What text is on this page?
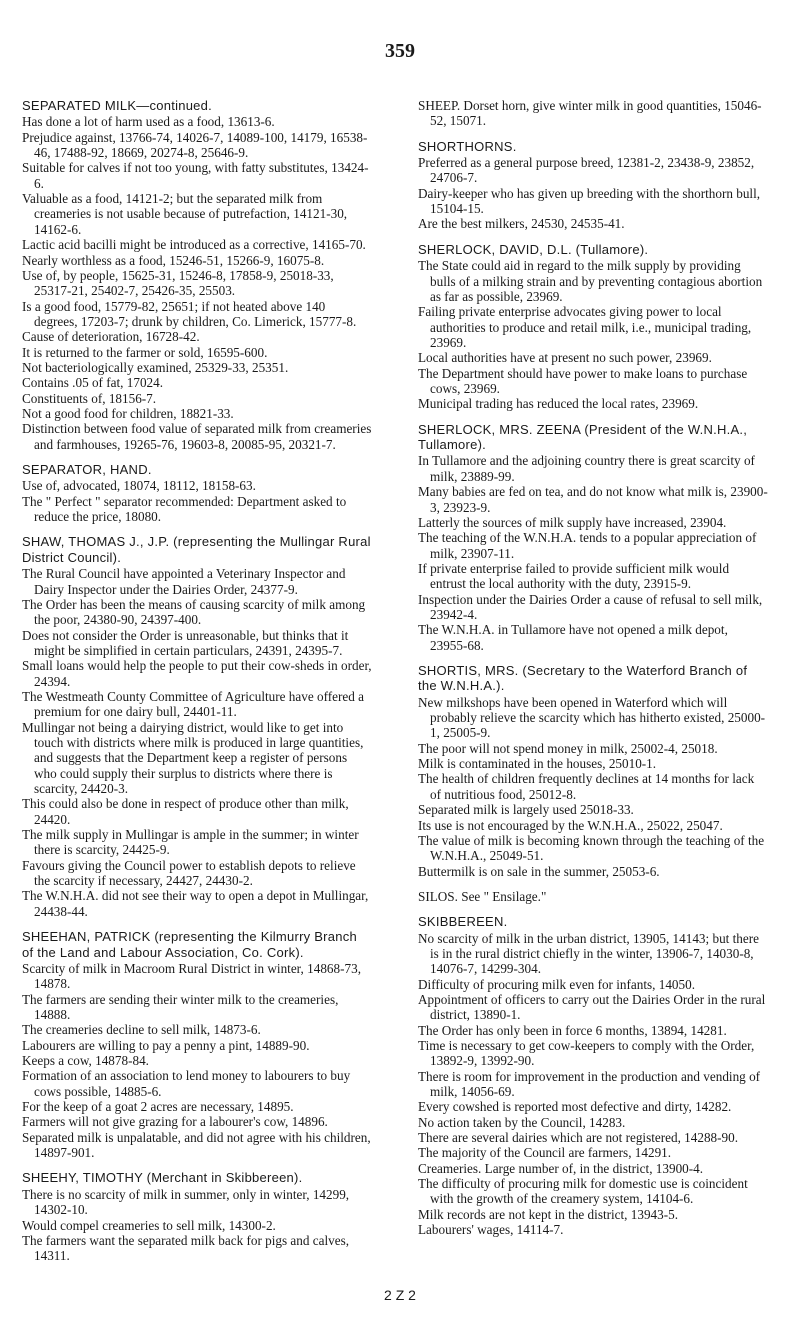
359
SEPARATED MILK—continued.

Has done a lot of harm used as a food, 13613-6.

Prejudice against, 13766-74, 14026-7, 14089-100, 14179, 16538-46, 17488-92, 18669, 20274-8, 25646-9.

Suitable for calves if not too young, with fatty substitutes, 13424-6.

Valuable as a food, 14121-2; but the separated milk from creameries is not usable because of putrefaction, 14121-30, 14162-6.

Lactic acid bacilli might be introduced as a corrective, 14165-70.

Nearly worthless as a food, 15246-51, 15266-9, 16075-8.

Use of, by people, 15625-31, 15246-8, 17858-9, 25018-33, 25317-21, 25402-7, 25426-35, 25503.

Is a good food, 15779-82, 25651; if not heated above 140 degrees, 17203-7; drunk by children, Co. Limerick, 15777-8.

Cause of deterioration, 16728-42.

It is returned to the farmer or sold, 16595-600.

Not bacteriologically examined, 25329-33, 25351.

Contains .05 of fat, 17024.

Constituents of, 18156-7.

Not a good food for children, 18821-33.

Distinction between food value of separated milk from creameries and farmhouses, 19265-76, 19603-8, 20085-95, 20321-7.

SEPARATOR, HAND.

Use of, advocated, 18074, 18112, 18158-63.

The " Perfect " separator recommended: Department asked to reduce the price, 18080.

SHAW, THOMAS J., J.P. (representing the Mullingar Rural District Council).

The Rural Council have appointed a Veterinary Inspector and Dairy Inspector under the Dairies Order, 24377-9.

The Order has been the means of causing scarcity of milk among the poor, 24380-90, 24397-400.

Does not consider the Order is unreasonable, but thinks that it might be simplified in certain particulars, 24391, 24395-7.

Small loans would help the people to put their cow-sheds in order, 24394.

The Westmeath County Committee of Agriculture have offered a premium for one dairy bull, 24401-11.

Mullingar not being a dairying district, would like to get into touch with districts where milk is produced in large quantities, and suggests that the Department keep a register of persons who could supply their surplus to districts where there is scarcity, 24420-3.

This could also be done in respect of produce other than milk, 24420.

The milk supply in Mullingar is ample in the summer; in winter there is scarcity, 24425-9.

Favours giving the Council power to establish depots to relieve the scarcity if necessary, 24427, 24430-2.

The W.N.H.A. did not see their way to open a depot in Mullingar, 24438-44.

SHEEHAN, PATRICK (representing the Kilmurry Branch of the Land and Labour Association, Co. Cork).

Scarcity of milk in Macroom Rural District in winter, 14868-73, 14878.

The farmers are sending their winter milk to the creameries, 14888.

The creameries decline to sell milk, 14873-6.

Labourers are willing to pay a penny a pint, 14889-90.

Keeps a cow, 14878-84.

Formation of an association to lend money to labourers to buy cows possible, 14885-6.

For the keep of a goat 2 acres are necessary, 14895.

Farmers will not give grazing for a labourer's cow, 14896.

Separated milk is unpalatable, and did not agree with his children, 14897-901.

SHEEHY, TIMOTHY (Merchant in Skibbereen).

There is no scarcity of milk in summer, only in winter, 14299, 14302-10.

Would compel creameries to sell milk, 14300-2.

The farmers want the separated milk back for pigs and calves, 14311.

SHEEP. Dorset horn, give winter milk in good quantities, 15046-52, 15071.

SHORTHORNS.

Preferred as a general purpose breed, 12381-2, 23438-9, 23852, 24706-7.

Dairy-keeper who has given up breeding with the shorthorn bull, 15104-15.

Are the best milkers, 24530, 24535-41.

SHERLOCK, DAVID, D.L. (Tullamore).

The State could aid in regard to the milk supply by providing bulls of a milking strain and by preventing contagious abortion as far as possible, 23969.

Failing private enterprise advocates giving power to local authorities to produce and retail milk, i.e., municipal trading, 23969.

Local authorities have at present no such power, 23969.

The Department should have power to make loans to purchase cows, 23969.

Municipal trading has reduced the local rates, 23969.

SHERLOCK, MRS. ZEENA (President of the W.N.H.A., Tullamore).

In Tullamore and the adjoining country there is great scarcity of milk, 23889-99.

Many babies are fed on tea, and do not know what milk is, 23900-3, 23923-9.

Latterly the sources of milk supply have increased, 23904.

The teaching of the W.N.H.A. tends to a popular appreciation of milk, 23907-11.

If private enterprise failed to provide sufficient milk would entrust the local authority with the duty, 23915-9.

Inspection under the Dairies Order a cause of refusal to sell milk, 23942-4.

The W.N.H.A. in Tullamore have not opened a milk depot, 23955-68.

SHORTIS, MRS. (Secretary to the Waterford Branch of the W.N.H.A.).

New milkshops have been opened in Waterford which will probably relieve the scarcity which has hitherto existed, 25000-1, 25005-9.

The poor will not spend money in milk, 25002-4, 25018.

Milk is contaminated in the houses, 25010-1.

The health of children frequently declines at 14 months for lack of nutritious food, 25012-8.

Separated milk is largely used 25018-33.

Its use is not encouraged by the W.N.H.A., 25022, 25047.

The value of milk is becoming known through the teaching of the W.N.H.A., 25049-51.

Buttermilk is on sale in the summer, 25053-6.

SILOS. See " Ensilage."

SKIBBEREEN.

No scarcity of milk in the urban district, 13905, 14143; but there is in the rural district chiefly in the winter, 13906-7, 14030-8, 14076-7, 14299-304.

Difficulty of procuring milk even for infants, 14050.

Appointment of officers to carry out the Dairies Order in the rural district, 13890-1.

The Order has only been in force 6 months, 13894, 14281.

Time is necessary to get cow-keepers to comply with the Order, 13892-9, 13992-90.

There is room for improvement in the production and vending of milk, 14056-69.

Every cowshed is reported most defective and dirty, 14282.

No action taken by the Council, 14283.

There are several dairies which are not registered, 14288-90.

The majority of the Council are farmers, 14291.

Creameries. Large number of, in the district, 13900-4.

The difficulty of procuring milk for domestic use is coincident with the growth of the creamery system, 14104-6.

Milk records are not kept in the district, 13943-5.

Labourers' wages, 14114-7.

2 Z 2
